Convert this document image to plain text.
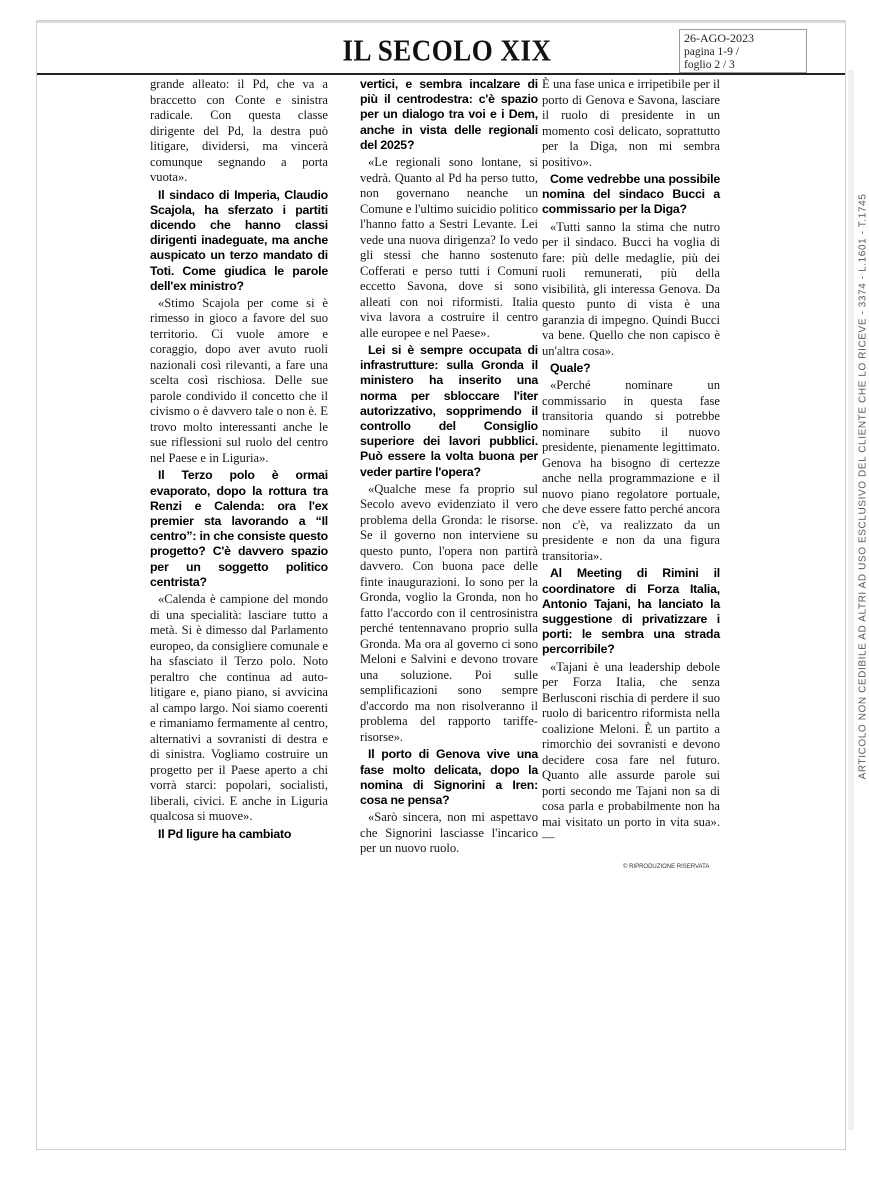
IL SECOLO XIX	26-AGO-2023
pagina 1-9 /
foglio 2 / 3

grande alleato: il Pd, che va a braccetto con Conte e sinistra radicale. Con questa classe dirigente del Pd, la destra può litigare, dividersi, ma vincerà comunque segnando a porta vuota».

Il sindaco di Imperia, Claudio Scajola, ha sferzato i partiti dicendo che hanno classi dirigenti inadeguate, ma anche auspicato un terzo mandato di Toti. Come giudica le parole dell'ex ministro?

«Stimo Scajola per come si è rimesso in gioco a favore del suo territorio. Ci vuole amore e coraggio, dopo aver avuto ruoli nazionali così rilevanti, a fare una scelta così rischiosa. Delle sue parole condivido il concetto che il civismo o è davvero tale o non è. E trovo molto interessanti anche le sue riflessioni sul ruolo del centro nel Paese e in Liguria».

Il Terzo polo è ormai evaporato, dopo la rottura tra Renzi e Calenda: ora l'ex premier sta lavorando a “Il centro”: in che consiste questo progetto? C'è davvero spazio per un soggetto politico centrista?

«Calenda è campione del mondo di una specialità: lasciare tutto a metà. Si è dimesso dal Parlamento europeo, da consigliere comunale e ha sfasciato il Terzo polo. Noto peraltro che continua ad auto-litigare e, piano piano, si avvicina al campo largo. Noi siamo coerenti e rimaniamo fermamente al centro, alternativi a sovranisti di destra e di sinistra. Vogliamo costruire un progetto per il Paese aperto a chi vorrà starci: popolari, socialisti, liberali, civici. E anche in Liguria qualcosa si muove».

Il Pd ligure ha cambiato

vertici, e sembra incalzare di più il centrodestra: c'è spazio per un dialogo tra voi e i Dem, anche in vista delle regionali del 2025?

«Le regionali sono lontane, si vedrà. Quanto al Pd ha perso tutto, non governano neanche un Comune e l'ultimo suicidio politico l'hanno fatto a Sestri Levante. Lei vede una nuova dirigenza? Io vedo gli stessi che hanno sostenuto Cofferati e perso tutti i Comuni eccetto Savona, dove si sono alleati con noi riformisti. Italia viva lavora a costruire il centro alle europee e nel Paese».

Lei si è sempre occupata di infrastrutture: sulla Gronda il ministero ha inserito una norma per sbloccare l'iter autorizzativo, sopprimendo il controllo del Consiglio superiore dei lavori pubblici. Può essere la volta buona per veder partire l'opera?

«Qualche mese fa proprio sul Secolo avevo evidenziato il vero problema della Gronda: le risorse. Se il governo non interviene su questo punto, l'opera non partirà davvero. Con buona pace delle finte inaugurazioni. Io sono per la Gronda, voglio la Gronda, non ho fatto l'accordo con il centrosinistra perché tentennavano proprio sulla Gronda. Ma ora al governo ci sono Meloni e Salvini e devono trovare una soluzione. Poi sulle semplificazioni sono sempre d'accordo ma non risolveranno il problema del rapporto tariffe-risorse».

Il porto di Genova vive una fase molto delicata, dopo la nomina di Signorini a Iren: cosa ne pensa?

«Sarò sincera, non mi aspettavo che Signorini lasciasse l'incarico per un nuovo ruolo.

È una fase unica e irripetibile per il porto di Genova e Savona, lasciare il ruolo di presidente in un momento così delicato, soprattutto per la Diga, non mi sembra positivo».

Come vedrebbe una possibile nomina del sindaco Bucci a commissario per la Diga?

«Tutti sanno la stima che nutro per il sindaco. Bucci ha voglia di fare: più delle medaglie, più dei ruoli remunerati, più della visibilità, gli interessa Genova. Da questo punto di vista è una garanzia di impegno. Quindi Bucci va bene. Quello che non capisco è un'altra cosa».

Quale?

«Perché nominare un commissario in questa fase transitoria quando si potrebbe nominare subito il nuovo presidente, pienamente legittimato. Genova ha bisogno di certezze anche nella programmazione e il nuovo piano regolatore portuale, che deve essere fatto perché ancora non c'è, va realizzato da un presidente e non da una figura transitoria».

Al Meeting di Rimini il coordinatore di Forza Italia, Antonio Tajani, ha lanciato la suggestione di privatizzare i porti: le sembra una strada percorribile?

«Tajani è una leadership debole per Forza Italia, che senza Berlusconi rischia di perdere il suo ruolo di baricentro riformista nella coalizione Meloni. È un partito a rimorchio dei sovranisti e devono decidere cosa fare nel futuro. Quanto alle assurde parole sui porti secondo me Tajani non sa di cosa parla e probabilmente non ha mai visitato un porto in vita sua». —

© RIPRODUZIONE RISERVATA
ARTICOLO NON CEDIBILE AD ALTRI AD USO ESCLUSIVO DEL CLIENTE CHE LO RICEVE - 3374 - L.1601 - T.1745
